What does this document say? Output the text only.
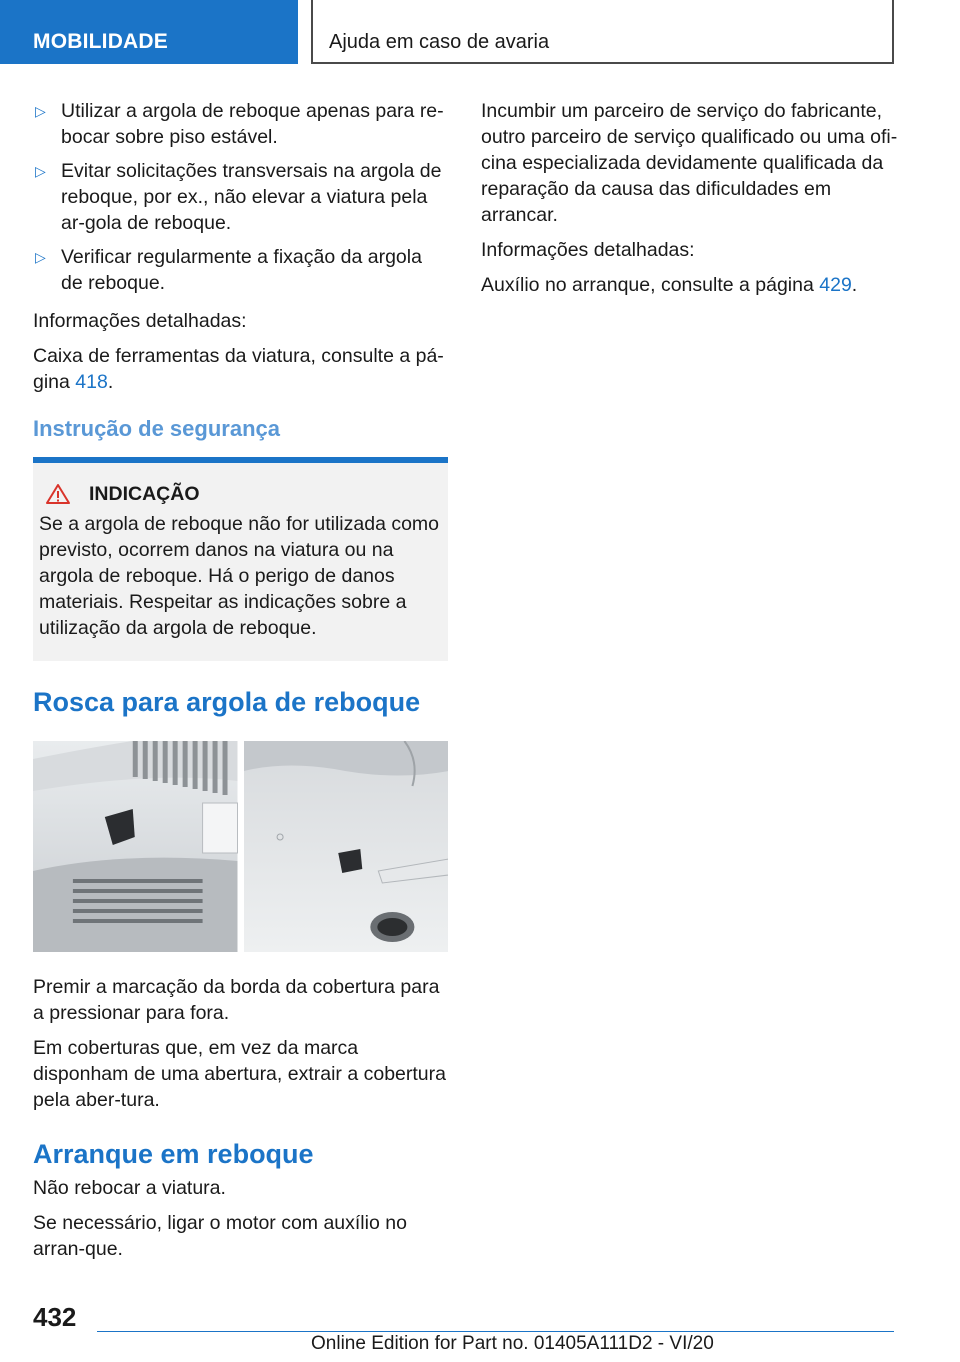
MOBILIDADE	Ajuda em caso de avaria
▷ Utilizar a argola de reboque apenas para re-bocar sobre piso estável.
▷ Evitar solicitações transversais na argola de reboque, por ex., não elevar a viatura pela ar-gola de reboque.
▷ Verificar regularmente a fixação da argola de reboque.

Informações detalhadas:

Caixa de ferramentas da viatura, consulte a pá-gina 418.

Instrução de segurança
INDICAÇÃO

Se a argola de reboque não for utilizada como previsto, ocorrem danos na viatura ou na argola de reboque. Há o perigo de danos materiais. Respeitar as indicações sobre a utilização da argola de reboque.

Rosca para argola de reboque

Premir a marcação da borda da cobertura para a pressionar para fora.

Em coberturas que, em vez da marca disponham de uma abertura, extrair a cobertura pela aber-tura.

Arranque em reboque

Não rebocar a viatura.

Se necessário, ligar o motor com auxílio no arran-que.

Incumbir um parceiro de serviço do fabricante, outro parceiro de serviço qualificado ou uma ofi-cina especializada devidamente qualificada da reparação da causa das dificuldades em arrancar.

Informações detalhadas:

Auxílio no arranque, consulte a página 429.

432
Online Edition for Part no. 01405A111D2 - VI/20
